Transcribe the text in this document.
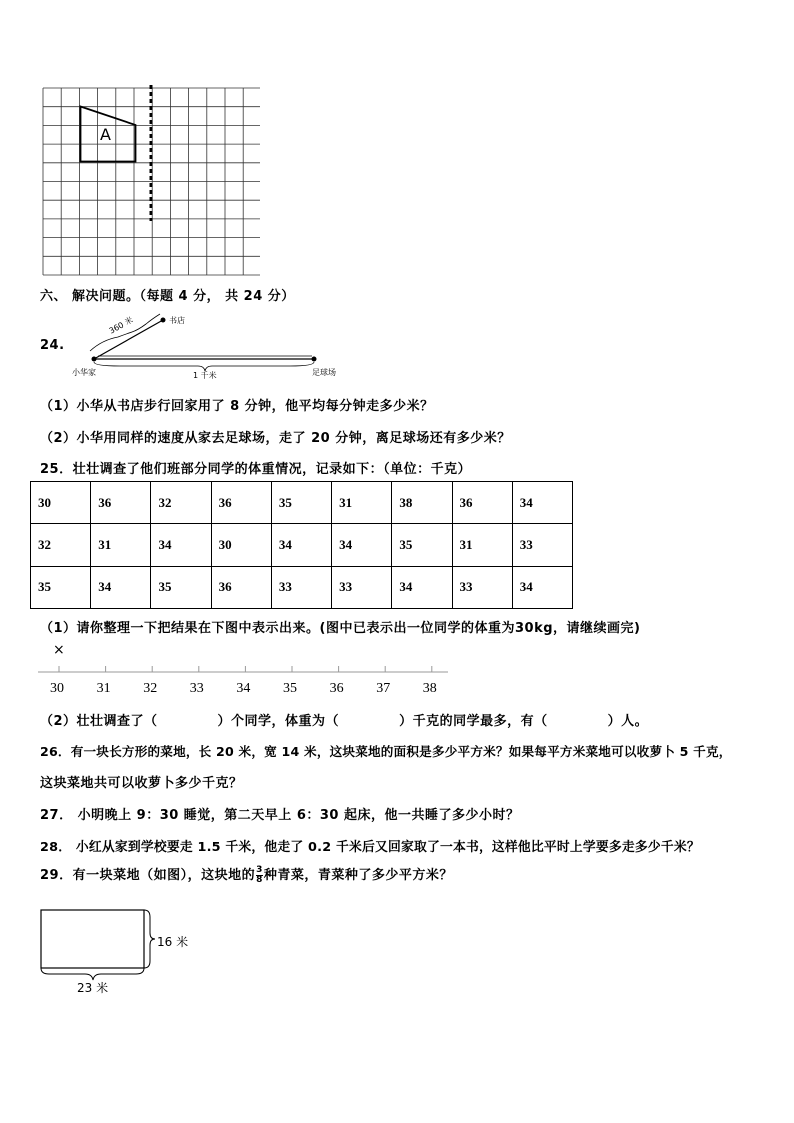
A
六、 解决问题。（每题 4 分， 共 24 分）
24.
书店
360 米
小华家	1 千米	足球场
（1）小华从书店步行回家用了 8 分钟，他平均每分钟走多少米？
（2）小华用同样的速度从家去足球场，走了 20 分钟，离足球场还有多少米？
25．壮壮调查了他们班部分同学的体重情况，记录如下：（单位：千克）
30	36	32	36	35	31	38	36	34
32	31	34	30	34	34	35	31	33
35	34	35	36	33	33	34	33	34
（1）请你整理一下把结果在下图中表示出来。(图中已表示出一位同学的体重为30kg，请继续画完)
×
30 31 32 33 34 35 36 37 38
（2）壮壮调查了（	）个同学，体重为（	）千克的同学最多，有（	）人。
26．有一块长方形的菜地，长 20 米，宽 14 米，这块菜地的面积是多少平方米？如果每平方米菜地可以收萝卜 5 千克，
这块菜地共可以收萝卜多少千克？
27． 小明晚上 9：30 睡觉，第二天早上 6：30 起床，他一共睡了多少小时？
28． 小红从家到学校要走 1.5 千米，他走了 0.2 千米后又回家取了一本书，这样他比平时上学要多走多少千米？
29．有一块菜地（如图），这块地的 $\frac{3}{8}$ 种青菜，青菜种了多少平方米？
16 米
23 米
